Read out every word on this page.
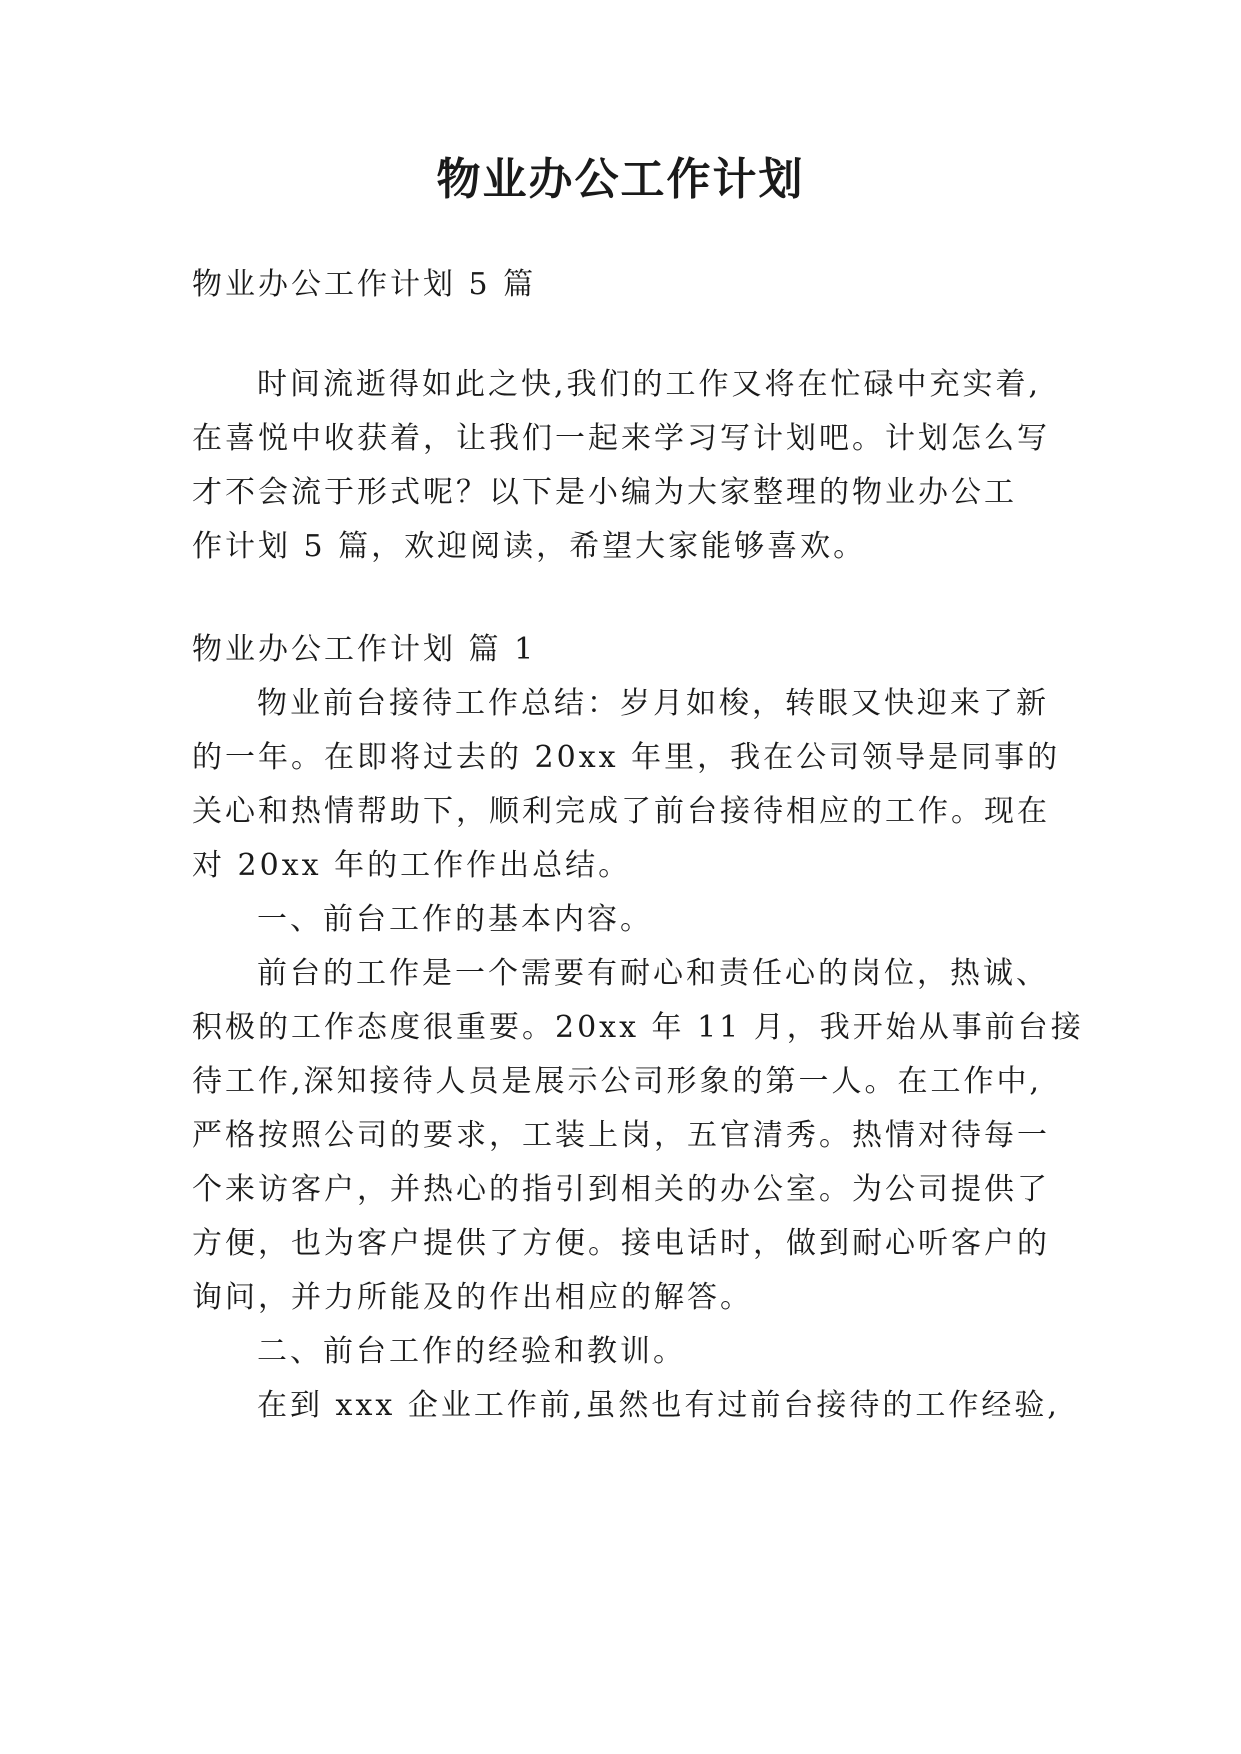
物业办公工作计划

物业办公工作计划 5 篇

时间流逝得如此之快,我们的工作又将在忙碌中充实着,

在喜悦中收获着，让我们一起来学习写计划吧。计划怎么写

才不会流于形式呢？以下是小编为大家整理的物业办公工

作计划 5 篇，欢迎阅读，希望大家能够喜欢。

物业办公工作计划 篇 1

物业前台接待工作总结：岁月如梭，转眼又快迎来了新

的一年。在即将过去的 20xx 年里，我在公司领导是同事的

关心和热情帮助下，顺利完成了前台接待相应的工作。现在

对 20xx 年的工作作出总结。

一、前台工作的基本内容。

前台的工作是一个需要有耐心和责任心的岗位，热诚、

积极的工作态度很重要。20xx 年 11 月，我开始从事前台接

待工作,深知接待人员是展示公司形象的第一人。在工作中,

严格按照公司的要求，工装上岗，五官清秀。热情对待每一

个来访客户，并热心的指引到相关的办公室。为公司提供了

方便，也为客户提供了方便。接电话时，做到耐心听客户的

询问，并力所能及的作出相应的解答。

二、前台工作的经验和教训。

在到 xxx 企业工作前,虽然也有过前台接待的工作经验,
